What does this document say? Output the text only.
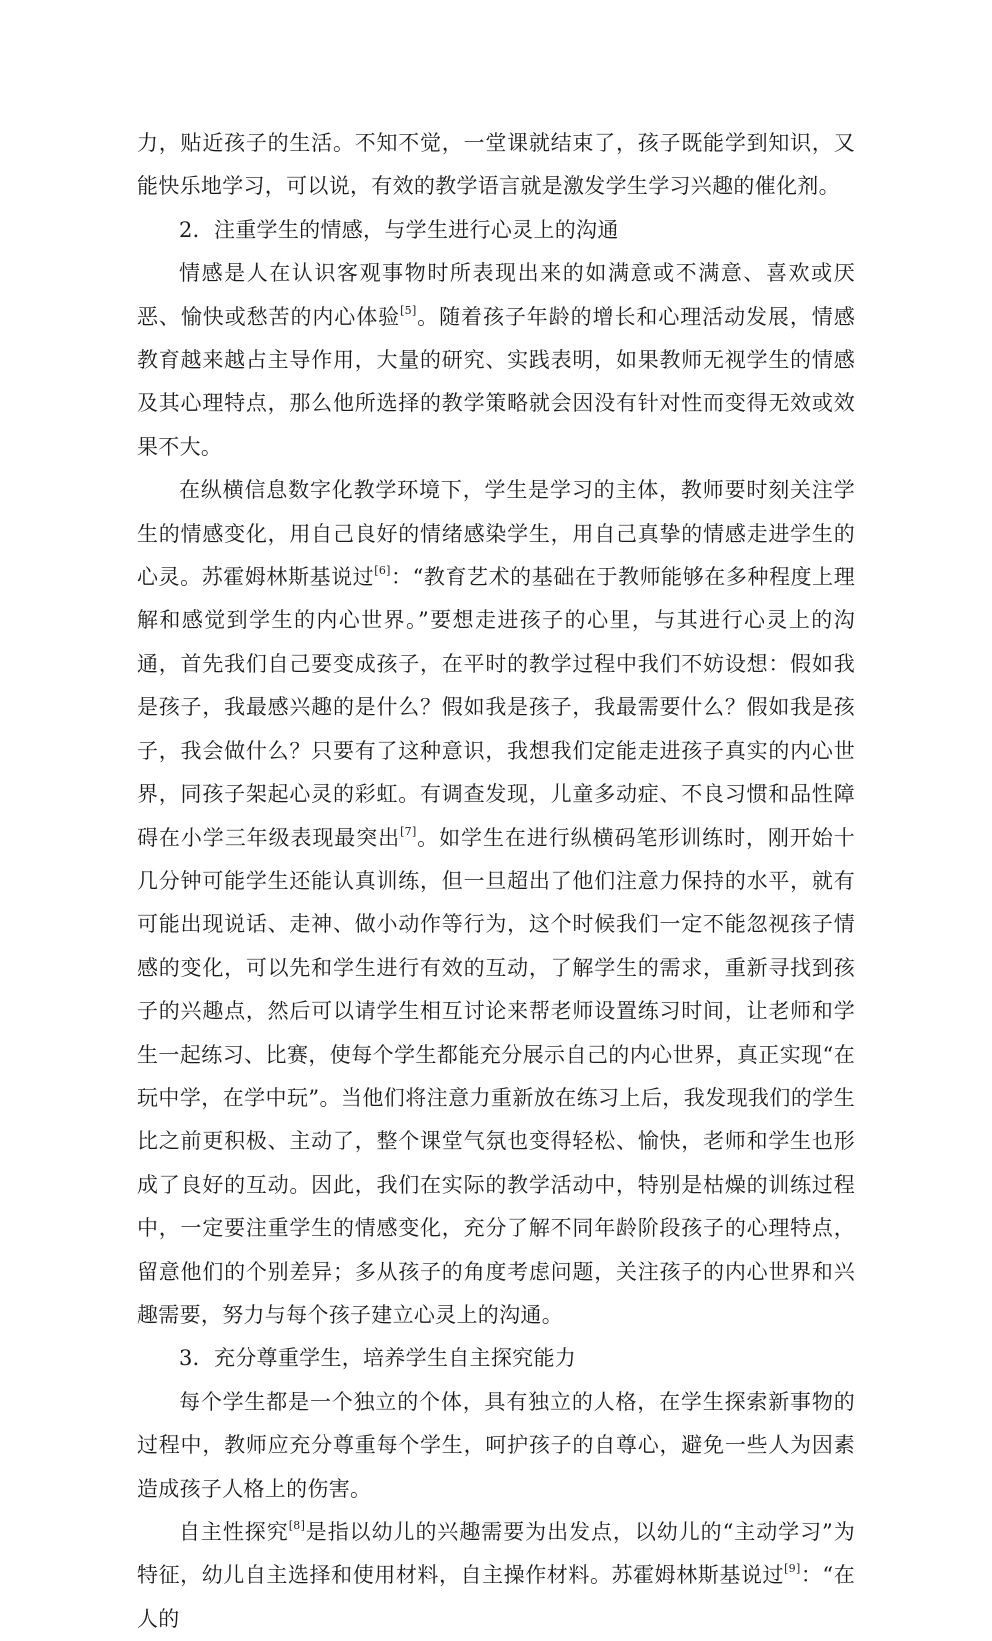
力，贴近孩子的生活。不知不觉，一堂课就结束了，孩子既能学到知识，又能快乐地学习，可以说，有效的教学语言就是激发学生学习兴趣的催化剂。

2．注重学生的情感，与学生进行心灵上的沟通

情感是人在认识客观事物时所表现出来的如满意或不满意、喜欢或厌恶、愉快或愁苦的内心体验[5]。随着孩子年龄的增长和心理活动发展，情感教育越来越占主导作用，大量的研究、实践表明，如果教师无视学生的情感及其心理特点，那么他所选择的教学策略就会因没有针对性而变得无效或效果不大。

在纵横信息数字化教学环境下，学生是学习的主体，教师要时刻关注学生的情感变化，用自己良好的情绪感染学生，用自己真挚的情感走进学生的心灵。苏霍姆林斯基说过[6]：“教育艺术的基础在于教师能够在多种程度上理解和感觉到学生的内心世界。”要想走进孩子的心里，与其进行心灵上的沟通，首先我们自己要变成孩子，在平时的教学过程中我们不妨设想：假如我是孩子，我最感兴趣的是什么？假如我是孩子，我最需要什么？假如我是孩子，我会做什么？只要有了这种意识，我想我们定能走进孩子真实的内心世界，同孩子架起心灵的彩虹。有调查发现，儿童多动症、不良习惯和品性障碍在小学三年级表现最突出[7]。如学生在进行纵横码笔形训练时，刚开始十几分钟可能学生还能认真训练，但一旦超出了他们注意力保持的水平，就有可能出现说话、走神、做小动作等行为，这个时候我们一定不能忽视孩子情感的变化，可以先和学生进行有效的互动，了解学生的需求，重新寻找到孩子的兴趣点，然后可以请学生相互讨论来帮老师设置练习时间，让老师和学生一起练习、比赛，使每个学生都能充分展示自己的内心世界，真正实现“在玩中学，在学中玩”。当他们将注意力重新放在练习上后，我发现我们的学生比之前更积极、主动了，整个课堂气氛也变得轻松、愉快，老师和学生也形成了良好的互动。因此，我们在实际的教学活动中，特别是枯燥的训练过程中，一定要注重学生的情感变化，充分了解不同年龄阶段孩子的心理特点，留意他们的个别差异；多从孩子的角度考虑问题，关注孩子的内心世界和兴趣需要，努力与每个孩子建立心灵上的沟通。

3．充分尊重学生，培养学生自主探究能力

每个学生都是一个独立的个体，具有独立的人格，在学生探索新事物的过程中，教师应充分尊重每个学生，呵护孩子的自尊心，避免一些人为因素造成孩子人格上的伤害。

自主性探究[8]是指以幼儿的兴趣需要为出发点，以幼儿的“主动学习”为特征，幼儿自主选择和使用材料，自主操作材料。苏霍姆林斯基说过[9]：“在人的
